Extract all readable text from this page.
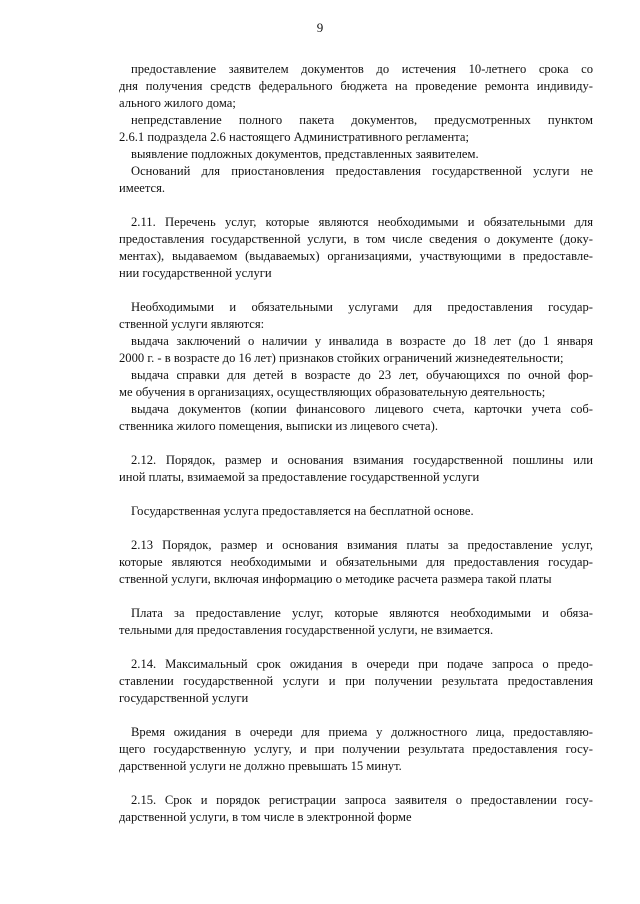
9
предоставление заявителем документов до истечения 10-летнего срока со
дня получения средств федерального бюджета на проведение ремонта индивиду-
ального жилого дома;
непредставление полного пакета документов, предусмотренных пунктом
2.6.1 подраздела 2.6 настоящего Административного регламента;
выявление подложных документов, представленных заявителем.
Оснований для приостановления предоставления государственной услуги не
имеется.
2.11. Перечень услуг, которые являются необходимыми и обязательными для
предоставления государственной услуги, в том числе сведения о документе (доку-
ментах), выдаваемом (выдаваемых) организациями, участвующими в предоставле-
нии государственной услуги
Необходимыми и обязательными услугами для предоставления государ-
ственной услуги являются:
выдача заключений о наличии у инвалида в возрасте до 18 лет (до 1 января
2000 г. - в возрасте до 16 лет) признаков стойких ограничений жизнедеятельности;
выдача справки для детей в возрасте до 23 лет, обучающихся по очной фор-
ме обучения в организациях, осуществляющих образовательную деятельность;
выдача документов (копии финансового лицевого счета, карточки учета соб-
ственника жилого помещения, выписки из лицевого счета).
2.12. Порядок, размер и основания взимания государственной пошлины или
иной платы, взимаемой за предоставление государственной услуги
Государственная услуга предоставляется на бесплатной основе.
2.13 Порядок, размер и основания взимания платы за предоставление услуг,
которые являются необходимыми и обязательными для предоставления государ-
ственной услуги, включая информацию о методике расчета размера такой платы
Плата за предоставление услуг, которые являются необходимыми и обяза-
тельными для предоставления государственной услуги, не взимается.
2.14. Максимальный срок ожидания в очереди при подаче запроса о предо-
ставлении государственной услуги и при получении результата предоставления
государственной услуги
Время ожидания в очереди для приема у должностного лица, предоставляю-
щего государственную услугу, и при получении результата предоставления госу-
дарственной услуги не должно превышать 15 минут.
2.15. Срок и порядок регистрации запроса заявителя о предоставлении госу-
дарственной услуги, в том числе в электронной форме
